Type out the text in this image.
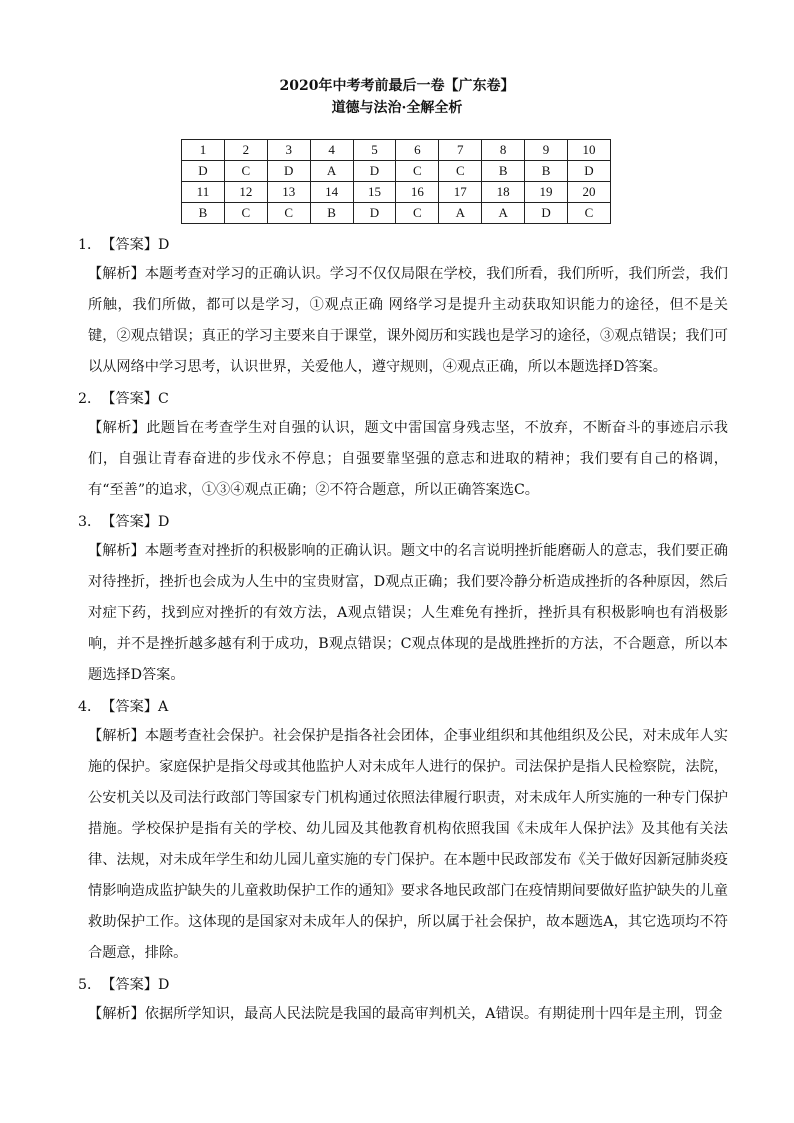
2020年中考考前最后一卷【广东卷】
道德与法治·全解全析
1	2	3	4	5	6	7	8	9	10
D	C	D	A	D	C	C	B	B	D
11	12	13	14	15	16	17	18	19	20
B	C	C	B	D	C	A	A	D	C
1．【答案】D
【解析】本题考查对学习的正确认识。学习不仅仅局限在学校，我们所看，我们所听，我们所尝，我们所触，我们所做，都可以是学习，①观点正确 网络学习是提升主动获取知识能力的途径，但不是关键，②观点错误；真正的学习主要来自于课堂，课外阅历和实践也是学习的途径，③观点错误；我们可以从网络中学习思考，认识世界，关爱他人，遵守规则，④观点正确，所以本题选择D答案。
2．【答案】C
【解析】此题旨在考查学生对自强的认识，题文中雷国富身残志坚，不放弃，不断奋斗的事迹启示我们，自强让青春奋进的步伐永不停息；自强要靠坚强的意志和进取的精神；我们要有自己的格调，有“至善”的追求，①③④观点正确；②不符合题意，所以正确答案选C。
3．【答案】D
【解析】本题考查对挫折的积极影响的正确认识。题文中的名言说明挫折能磨砺人的意志，我们要正确对待挫折，挫折也会成为人生中的宝贵财富，D观点正确；我们要冷静分析造成挫折的各种原因，然后对症下药，找到应对挫折的有效方法，A观点错误；人生难免有挫折，挫折具有积极影响也有消极影响，并不是挫折越多越有利于成功，B观点错误；C观点体现的是战胜挫折的方法，不合题意，所以本题选择D答案。
4．【答案】A
【解析】本题考查社会保护。社会保护是指各社会团体，企事业组织和其他组织及公民，对未成年人实施的保护。家庭保护是指父母或其他监护人对未成年人进行的保护。司法保护是指人民检察院，法院，公安机关以及司法行政部门等国家专门机构通过依照法律履行职责，对未成年人所实施的一种专门保护措施。学校保护是指有关的学校、幼儿园及其他教育机构依照我国《未成年人保护法》及其他有关法律、法规，对未成年学生和幼儿园儿童实施的专门保护。在本题中民政部发布《关于做好因新冠肺炎疫情影响造成监护缺失的儿童救助保护工作的通知》要求各地民政部门在疫情期间要做好监护缺失的儿童救助保护工作。这体现的是国家对未成年人的保护，所以属于社会保护，故本题选A，其它选项均不符合题意，排除。
5．【答案】D
【解析】依据所学知识，最高人民法院是我国的最高审判机关，A错误。有期徒刑十四年是主刑，罚金
